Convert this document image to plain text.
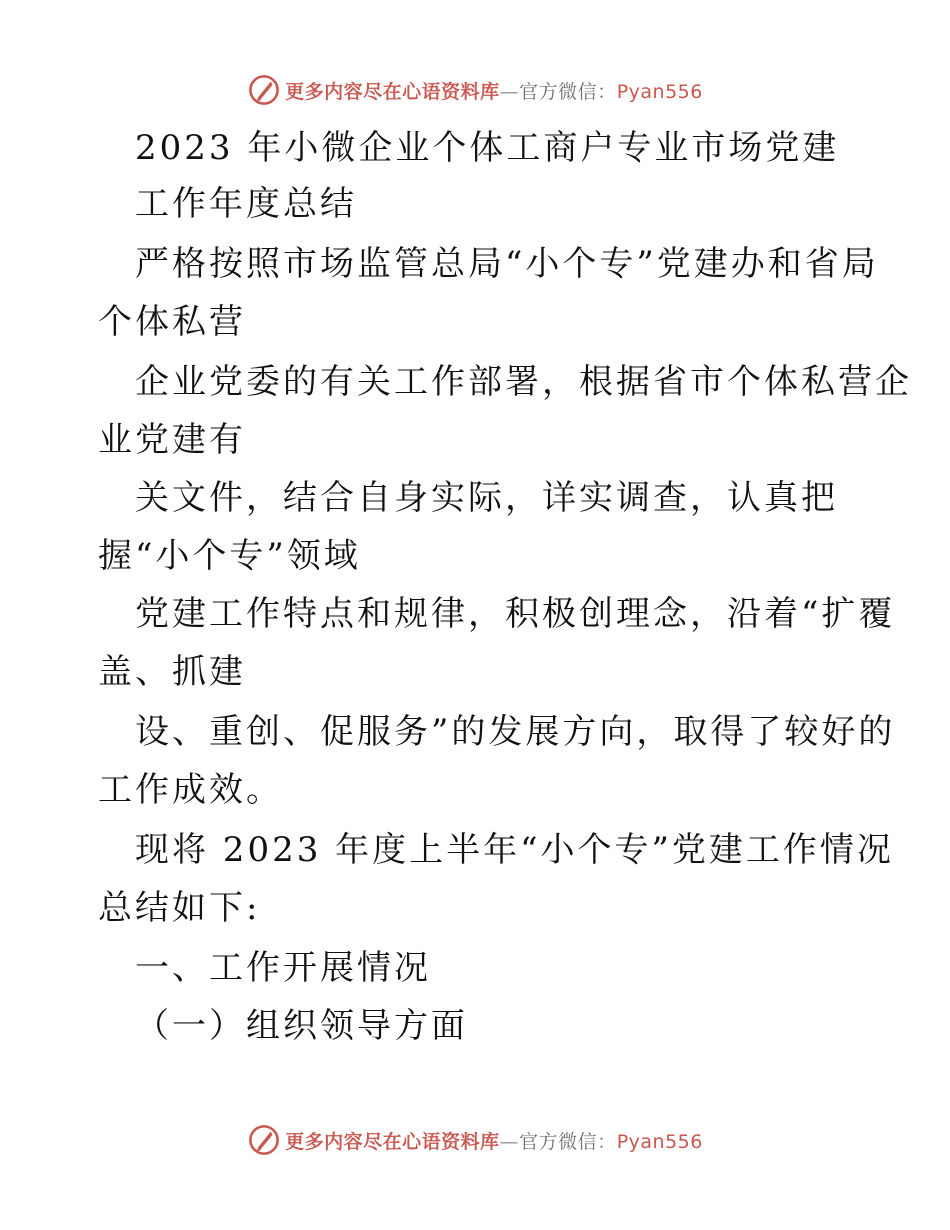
更多内容尽在心语资料库—官方微信：Pyan556
2023 年小微企业个体工商户专业市场党建
工作年度总结
严格按照市场监管总局“小个专”党建办和省局
个体私营
企业党委的有关工作部署，根据省市个体私营企
业党建有
关文件，结合自身实际，详实调查，认真把
握“小个专”领域
党建工作特点和规律，积极创理念，沿着“扩覆
盖、抓建
设、重创、促服务”的发展方向，取得了较好的
工作成效。
现将 2023 年度上半年“小个专”党建工作情况
总结如下:
一、工作开展情况
（一）组织领导方面
更多内容尽在心语资料库—官方微信：Pyan556
